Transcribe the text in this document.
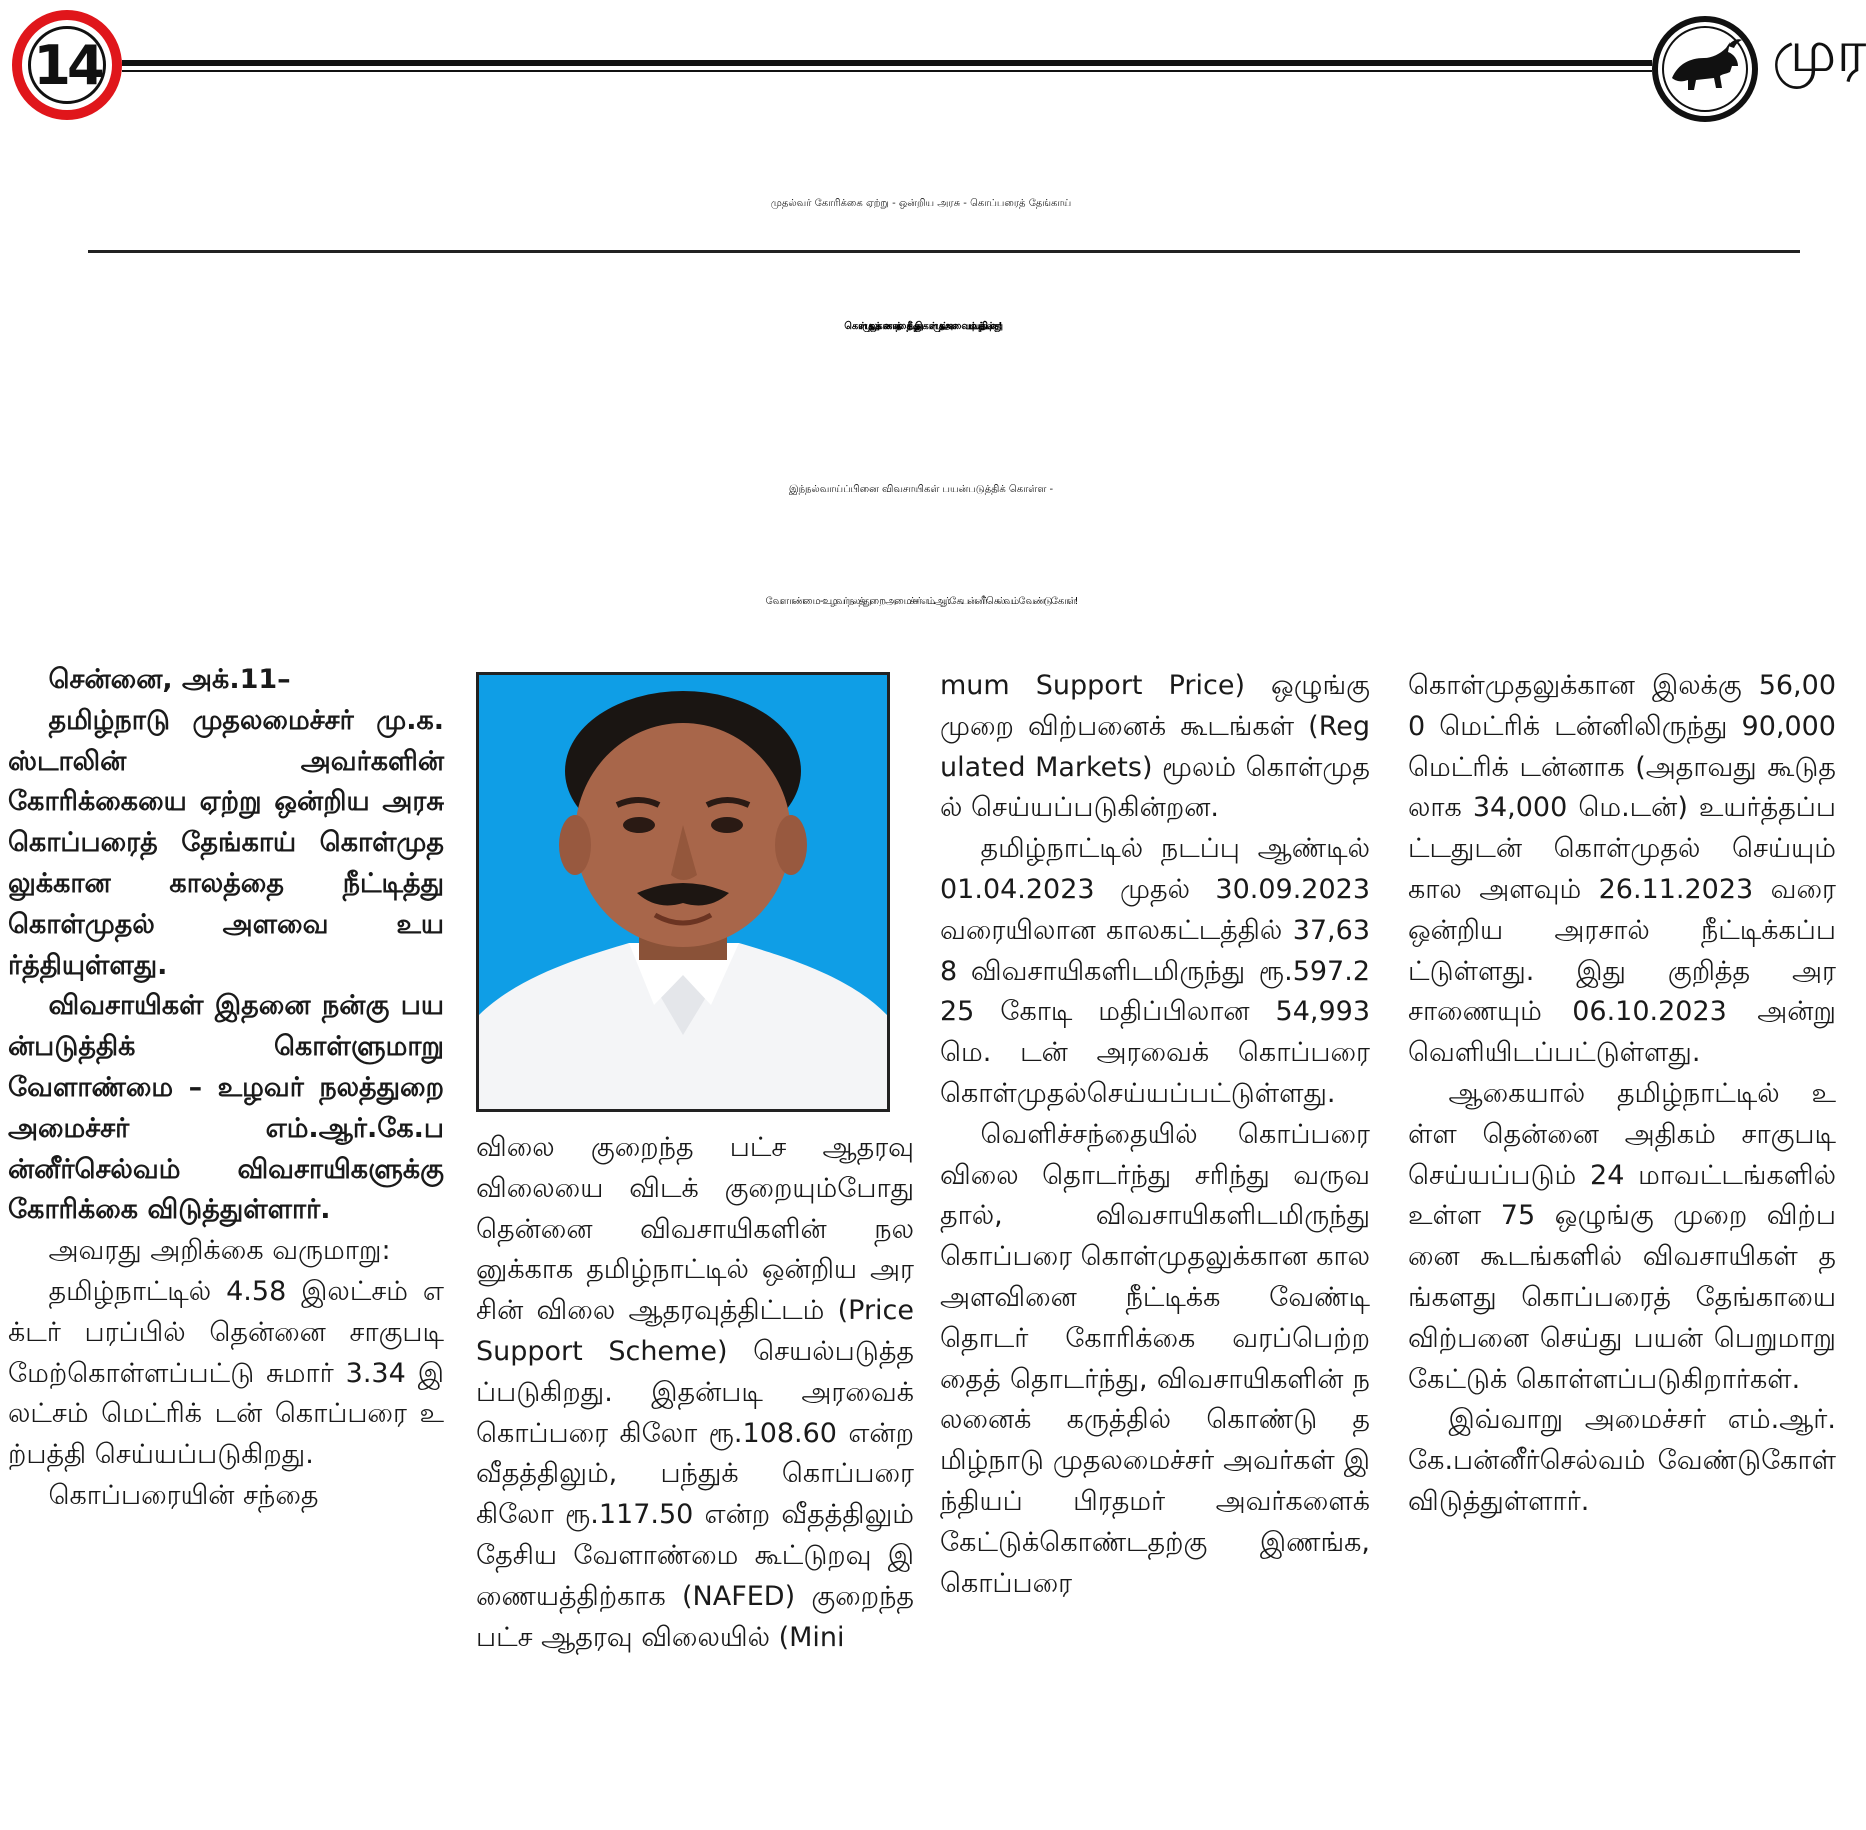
14	முர
முதல்வர் கோரிக்கை ஏற்று - ஒன்றிய அரசு - கொப்பரைத் தேங்காய்
கொள்முதலுக்கான காலத்தை நீட்டித்து - கொள்முதல் அளவையும் உயர்த்தியுள்ளது!
இந்நல்வாய்ப்பினை விவசாயிகள் பயன்படுத்திக் கொள்ள -
வேளாண்மை - உழவர் நலத்துறை அமைச்சர் எம்.ஆர்.கே.பன்னீர்செல்வம் வேண்டுகோள்!

சென்னை, அக்.11–

தமிழ்நாடு முதலமைச்சர் மு.க.ஸ்டாலின் அவர்களின் கோரிக்கையை ஏற்று ஒன்றிய அரசு கொப்பரைத் தேங்காய் கொள்முதலுக்கான காலத்தை நீட்டித்து கொள்முதல் அளவை உயர்த்தியுள்ளது.

விவசாயிகள் இதனை நன்கு பயன்படுத்திக் கொள்ளுமாறு வேளாண்மை – உழவர் நலத்துறை அமைச்சர் எம்.ஆர்.கே.பன்னீர்செல்வம் விவசாயிகளுக்கு கோரிக்கை விடுத்துள்ளார்.

அவரது அறிக்கை வருமாறு:

தமிழ்நாட்டில் 4.58 இலட்சம் எக்டர் பரப்பில் தென்னை சாகுபடி மேற்கொள்ளப்பட்டு சுமார் 3.34 இலட்சம் மெட்ரிக் டன் கொப்பரை உற்பத்தி செய்யப்படுகிறது.

கொப்பரையின் சந்தை

விலை குறைந்த பட்ச ஆதரவு விலையை விடக் குறையும்போது தென்னை விவசாயிகளின் நலனுக்காக தமிழ்நாட்டில் ஒன்றிய அரசின் விலை ஆதரவுத்திட்டம் (Price Support Scheme) செயல்படுத்தப்படுகிறது. இதன்படி அரவைக் கொப்பரை கிலோ ரூ.108.60 என்ற வீதத்திலும், பந்துக் கொப்பரை கிலோ ரூ.117.50 என்ற வீதத்திலும் தேசிய வேளாண்மை கூட்டுறவு இணையத்திற்காக (NAFED) குறைந்தபட்ச ஆதரவு விலையில் (Mini

mum Support Price) ஒழுங்கு முறை விற்பனைக் கூடங்கள் (Regulated Markets) மூலம் கொள்முதல் செய்யப்படுகின்றன.

தமிழ்நாட்டில் நடப்பு ஆண்டில் 01.04.2023 முதல் 30.09.2023 வரையிலான காலகட்டத்தில் 37,638 விவசாயிகளிடமிருந்து ரூ.597.225 கோடி மதிப்பிலான 54,993 மெ. டன் அரவைக் கொப்பரை கொள்முதல்செய்யப்பட்டுள்ளது.

வெளிச்சந்தையில் கொப்பரை விலை தொடர்ந்து சரிந்து வருவதால், விவசாயிகளிடமிருந்து கொப்பரை கொள்முதலுக்கான கால அளவினை நீட்டிக்க வேண்டி தொடர் கோரிக்கை வரப்பெற்றதைத் தொடர்ந்து, விவசாயிகளின் நலனைக் கருத்தில் கொண்டு தமிழ்நாடு முதலமைச்சர் அவர்கள் இந்தியப் பிரதமர் அவர்களைக் கேட்டுக்கொண்டதற்கு இணங்க, கொப்பரை

கொள்முதலுக்கான இலக்கு 56,000 மெட்ரிக் டன்னிலிருந்து 90,000 மெட்ரிக் டன்னாக (அதாவது கூடுதலாக 34,000 மெ.டன்) உயர்த்தப்பட்டதுடன் கொள்முதல் செய்யும் கால அளவும் 26.11.2023 வரை ஒன்றிய அரசால் நீட்டிக்கப்பட்டுள்ளது. இது குறித்த அரசாணையும் 06.10.2023 அன்று வெளியிடப்பட்டுள்ளது.

ஆகையால் தமிழ்நாட்டில் உள்ள தென்னை அதிகம் சாகுபடி செய்யப்படும் 24 மாவட்டங்களில் உள்ள 75 ஒழுங்கு முறை விற்பனை கூடங்களில் விவசாயிகள் தங்களது கொப்பரைத் தேங்காயை விற்பனை செய்து பயன் பெறுமாறு கேட்டுக் கொள்ளப்படுகிறார்கள்.

இவ்வாறு அமைச்சர் எம்.ஆர்.கே.பன்னீர்செல்வம் வேண்டுகோள் விடுத்துள்ளார்.
